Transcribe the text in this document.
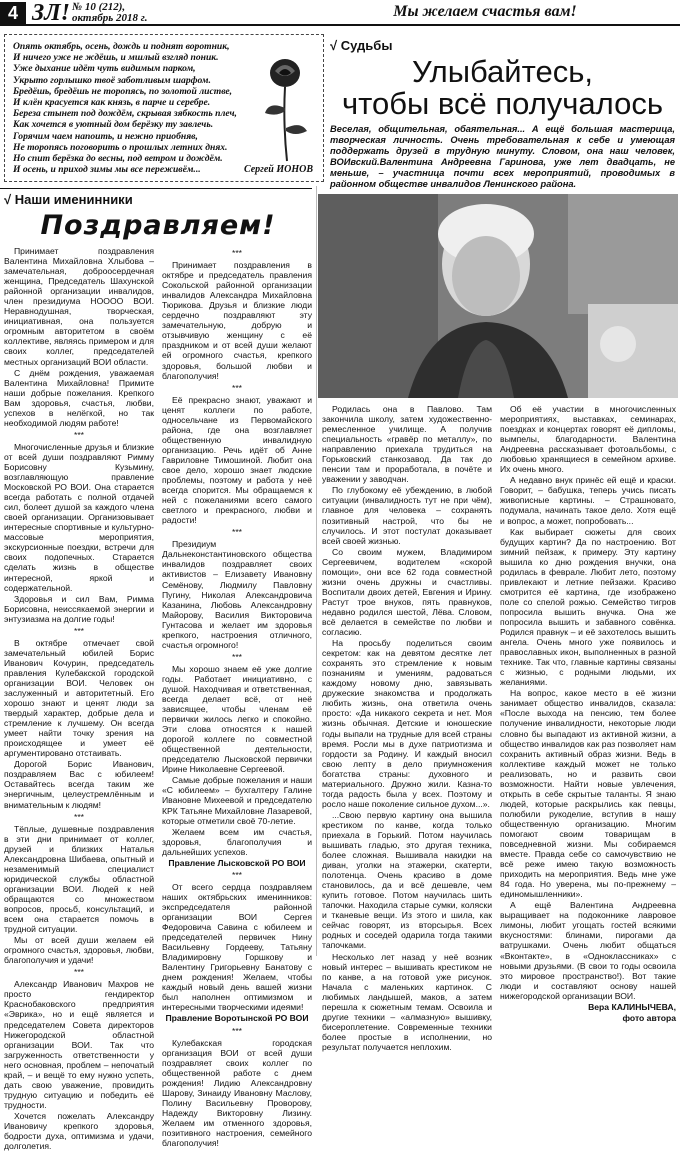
4 ЗЛ! № 10 (212),
октябрь 2018 г.	Мы желаем счастья вам!
Опять октябрь, осень, дождь и поднят воротник,
И ничего уже не ждёшь, и мшлый взгляд поник.
Уже дыхание идёт чуть видимым парком,
Укрыто горлышко твоё заботливым шарфом.
Бредёшь, бредёшь не торопясь, по золотой листве,
И клён красуется как князь, в парче и серебре.
Береза стынет под дождём, скрывая зябкость плеч,
Как хочется в уютный дом берёзку ту завлечь.
Горячим чаем напоить, и нежно приобняв,
Не торопясь поговорить о прошлых летних днях.
Но спит берёзка до весны, под ветром и дождём.
И осень, и приход зимы мы все переживём...	Сергей ИОНОВ
√ Судьбы
Улыбайтесь,
чтобы всё получалось
Веселая, общительная, обаятельная... А ещё большая мастерица, творческая личность. Очень требовательная к себе и умеющая поддержать друзей в трудную минуту. Словом, она наш человек, ВОИвский.Валентина Андреевна Гаринова, уже лет двадцать, не меньше, – участница почти всех мероприятий, проводимых в районном обществе инвалидов Ленинского района.
√ Наши именинники
Поздравляем!

Принимает поздравления Валентина Михайловна Хлыбова – замечательная, доброосердечная женщина, Председатель Шахунской районной организации инвалидов, член президиума НОООО ВОИ. Неравнодушная, творческая, инициативная, она пользуется огромным авторитетом в своём коллективе, являясь примером и для своих коллег, председателей местных организаций ВОИ области.

С днём рождения, уважаемая Валентина Михайловна! Примите наши добрые пожелания. Крепкого Вам здоровья, счастья, любви, успехов в нелёгкой, но так необходимой людям работе!

***

Многочисленные друзья и близкие от всей души поздравляют Римму Борисовну Кузьмину, возглавляющую правление Московской РО ВОИ. Она старается всегда работать с полной отдачей сил, болеет душой за каждого члена своей организации. Организовывает интересные спортивные и культурно-массовые мероприятия, экскурсионные поездки, встречи для своих подопечных. Старается сделать жизнь в обществе интересной, яркой и содержательной.

Здоровья и сил Вам, Римма Борисовна, неиссякаемой энергии и энтузиазма на долгие годы!

***

В октябре отмечает свой замечательный юбилей Борис Иванович Кочурин, председатель правления Кулебакской городской организации ВОИ. Человек он заслуженный и авторитетный. Его хорошо знают и ценят люди за твердый характер, добрые дела и стремление к лучшему. Он всегда умеет найти точку зрения на происходящее и умеет её аргументировано отстаивать.

Дорогой Борис Иванович, поздравляем Вас с юбилеем! Оставайтесь всегда таким же энергичным, целеустремлённым и внимательным к людям!

***

Тёплые, душевные поздравления в эти дни принимает от коллег, друзей и близких Наталья Александровна Шибаева, опытный и незаменимый специалист юридической службы областной организации ВОИ. Людей к ней обращаются со множеством вопросов, просьб, консультаций, и всем она старается помочь в трудной ситуации.

Мы от всей души желаем ей огромного счастья, здоровья, любви, благополучия и удачи!

***

Александр Иванович Махров не просто гендиректор Краснобаковского предприятия «Эврика», но и ещё является и председателем Совета директоров Нижегородской областной организации ВОИ. Так что загруженность ответственности у него основная, проблем – непочатый край, – и вещё то ему нужно успеть, дать свою уважение, провидить трудную ситуацию и победить её трудности.

Хочется пожелать Александру Ивановичу крепкого здоровья, бодрости духа, оптимизма и удачи, долголетия.

***

Принимает поздравления в октябре и председатель правления Сокольской районной организации инвалидов Александра Михайловна Тюрикова. Друзья и близкие люди сердечно поздравляют эту замечательную, добрую и отзывчивую женщину с её праздником и от всей души желают ей огромного счастья, крепкого здоровья, большой любви и благополучия!

***

Её прекрасно знают, уважают и ценят коллеги по работе, односельчане из Первомайского района, где она возглавляет общественную инвалидную организацию. Речь идёт об Анне Гавриловне Тимошиной. Любит она свое дело, хорошо знает людские проблемы, поэтому и работа у неё всегда спорится. Мы обращаемся к ней с пожеланиями всего самого светлого и прекрасного, любви и радости!

***

Президиум Дальнеконстантиновского общества инвалидов поздравляет своих активистов – Елизавету Ивановну Семёнову, Людмилу Павловну Пугину, Николая Александровича Казанина, Любовь Александровну Майорову, Василия Викторовича Гунтасова и желает им здоровья крепкого, настроения отличного, счастья огромного!

***

Мы хорошо знаем её уже долгие годы. Работает инициативно, с душой. Находчивая и ответственная, всегда делает всё, от неё зависящее, чтобы членам её первички жилось легко и спокойно. Эти слова относятся к нашей дорогой коллеге по совместной общественной деятельности, председателю Лысковской первички Ирине Николаевне Сергеевой.

Самые добрые пожелания и наши «С юбилеем» – бухгалтеру Галине Ивановне Михеевой и председателю КРК Татьяне Михайловне Лазаревой, которые отметили своё 70-летие.

Желаем всем им счастья, здоровья, благополучия и дальнейших успехов.

Правление Лысковской РО ВОИ

***

От всего сердца поздравляем наших октябрьских именинников: экспредседателя районной организации ВОИ Сергея Федоровича Савина с юбилеем и председателей первичек Нину Васильевну Гордееву, Татьяну Владимировну Горшкову и Валентину Григорьевну Банатову с днем рождения! Желаем, чтобы каждый новый день вашей жизни был наполнен оптимизмом и интересными творческими идеями!

Правление Воротынской РО ВОИ

***

Кулебакская городская организация ВОИ от всей души поздравляет своих коллег по общественной работе с днем рождения! Лидию Александровну Шарову, Зинаиду Ивановну Маслову, Полину Васильевну Проворову, Надежду Викторовну Лизину. Желаем им отменного здоровья, позитивного настроения, семейного благополучия!

Родилась она в Павлово. Там закончила школу, затем художественно-ремесленное училище. А получив специальность «гравёр по металлу», по направлению приехала трудиться на Горьковский станкозавод. Да так до пенсии там и проработала, в почёте и уважении у заводчан.

По глубокому её убеждению, в любой ситуации (инвалидность тут не при чём), главное для человека – сохранять позитивный настрой, что бы не случилось. И этот постулат доказывает всей своей жизнью.

Со своим мужем, Владимиром Сергеевичем, водителем «скорой помощи», они все 62 года совместной жизни очень дружны и счастливы. Воспитали двоих детей, Евгения и Ирину. Растут трое внуков, пять правнуков, недавно родился шестой, Лёва. Словом, всё делается в семействе по любви и согласию.

На просьбу поделиться своим секретом: как на девятом десятке лет сохранять это стремление к новым познаниям и умениям, радоваться каждому новому дню, завязывать дружеские знакомства и продолжать любить жизнь, она ответила очень просто: «Да никакого секрета и нет. Моя жизнь обычная. Детские и юношеские годы выпали на трудные для всей страны время. Росли мы в духе патриотизма и гордости за Родину. И каждый вносил свою лепту в дело приумножения богатства страны: духовного и материального. Дружно жили. Казна-то тогда радость была у всех. Поэтому и росло наше поколение сильное духом...».

...Свою первую картину она вышила крестиком по канве, когда только приехала в Горький. Потом научилась вышивать гладью, это другая техника, более сложная. Вышивала накидки на диван, уголки на этажерки, скатерти, полотенца. Очень красиво в доме становилось, да и всё дешевле, чем купить готовое. Потом научилась шить тапочки. Находила старые сумки, коляски и тканевые вещи. Из этого и шила, как сейчас говорят, из вторсырья. Всех родных и соседей одарила тогда такими тапочками.

Несколько лет назад у неё возник новый интерес – вышивать крестиком не по канве, а на готовой уже рисунок. Начала с маленьких картинок. С любимых ландышей, маков, а затем перешла к сюжетным темам. Освоила и другие техники – «алмазную» вышивку, бисероплетение. Современные техники более простые в исполнении, но результат получается неплохим.

Об её участии в многочисленных мероприятиях, выставках, семинарах, поездках и концертах говорят её дипломы, вымпелы, благодарности. Валентина Андреевна рассказывает фотоальбомы, с любовью хранящиеся в семейном архиве. Их очень много.

А недавно внук принёс ей ещё и краски. Говорит, – бабушка, теперь учись писать живописные картины. – Страшновато, подумала, начинать такое дело. Хотя ещё и вопрос, а может, попробовать...

Как выбирает сюжеты для своих будущих картин? Да по настроению. Вот зимний пейзаж, к примеру. Эту картину вышила ко дню рождения внучки, она родилась в феврале. Любит лето, поэтому привлекают и летние пейзажи. Красиво смотрится её картина, где изображено поле со спелой рожью. Семейство тигров попросила вышить внучка. Она же попросила вышить и забавного совёнка. Родился правнук – и её захотелось вышить ангела. Очень много уже появилось и православных икон, выполненных в разной технике. Так что, главные картины связаны с жизнью, с родными людьми, их желаниями.

На вопрос, какое место в её жизни занимает общество инвалидов, сказала: «После выхода на пенсию, тем более получение инвалидности, некоторые люди словно бы выпадают из активной жизни, а общество инвалидов как раз позволяет нам сохранить активный образ жизни. Ведь в коллективе каждый может не только реализовать, но и развить свои возможности. Найти новые увлечения, открыть в себе скрытые таланты. Я знаю людей, которые раскрылись как певцы, полюбили рукоделие, вступив в нашу общественную организацию. Многим помогают своим товарищам в повседневной жизни. Мы собираемся вместе. Правда себе со самочувствию не всё реже имею такую возможность приходить на мероприятия. Ведь мне уже 84 года. Но уверена, мы по-прежнему – единомышленники».

А ещё Валентина Андреевна выращивает на подоконнике лавровое лимоны, любит угощать гостей всякими вкусностями: блинами, пирогами да ватрушками. Очень любит общаться «Вконтакте», в «Одноклассниках» с новыми друзьями. (В свои то годы освоила это мировое пространство!). Вот такие люди и составляют основу нашей нижегородской организации ВОИ.

Вера КАЛИНЫЧЕВА,

фото автора
